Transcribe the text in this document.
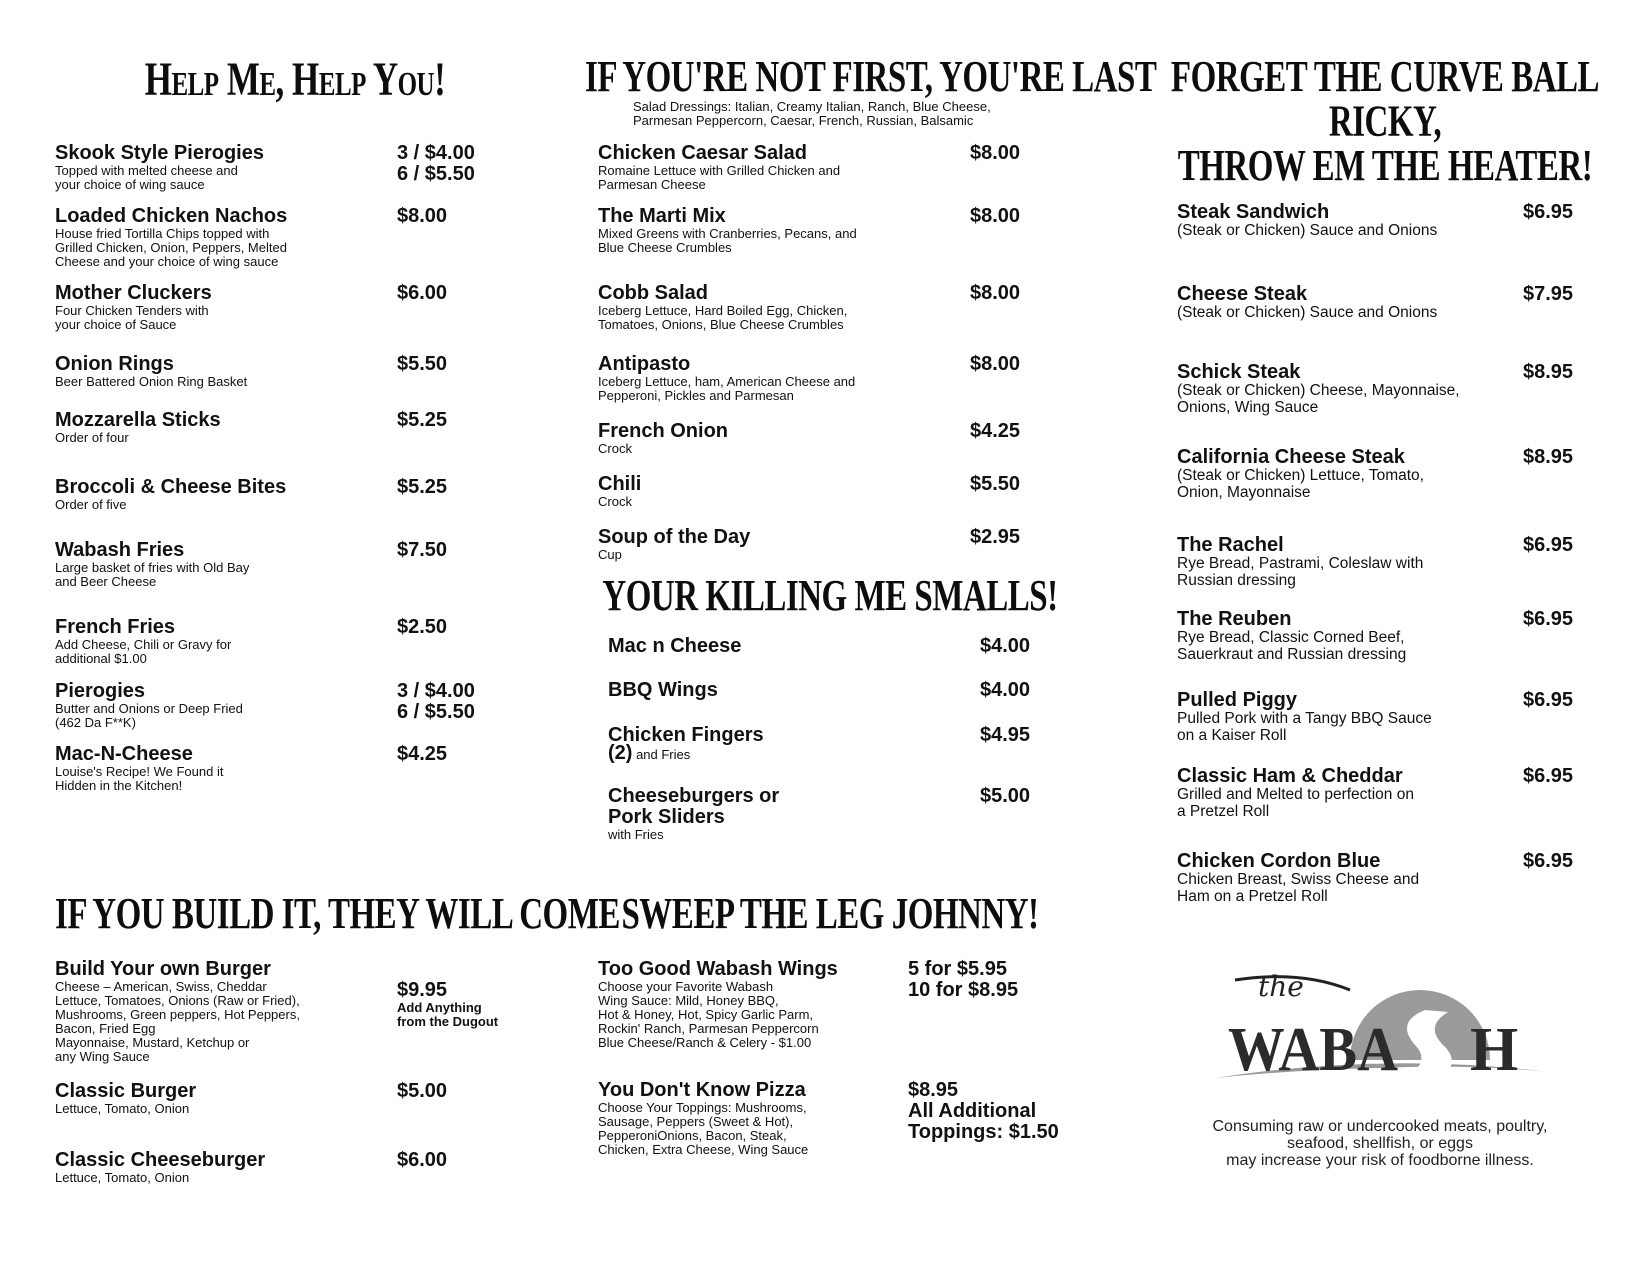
Help Me, Help You!
Skook Style Pierogies
Topped with melted cheese and
your choice of wing sauce
3 / $4.00
6 / $5.50
Loaded Chicken Nachos
House fried Tortilla Chips topped with
Grilled Chicken, Onion, Peppers, Melted
Cheese and your choice of wing sauce
$8.00
Mother Cluckers
Four Chicken Tenders with
your choice of Sauce
$6.00
Onion Rings
Beer Battered Onion Ring Basket
$5.50
Mozzarella Sticks
Order of four
$5.25
Broccoli & Cheese Bites
Order of five
$5.25
Wabash Fries
Large basket of fries with Old Bay
and Beer Cheese
$7.50
French Fries
Add Cheese, Chili or Gravy for
additional $1.00
$2.50
Pierogies
Butter and Onions or Deep Fried
(462 Da F**K)
3 / $4.00
6 / $5.50
Mac-N-Cheese
Louise's Recipe! We Found it
Hidden in the Kitchen!
$4.25
IF YOU BUILD IT, THEY WILL COME
Build Your own Burger
Cheese – American, Swiss, Cheddar
Lettuce, Tomatoes, Onions (Raw or Fried),
Mushrooms, Green peppers, Hot Peppers,
Bacon, Fried Egg
Mayonnaise, Mustard, Ketchup or
any Wing Sauce

$9.95

Add Anything
from the Dugout

Classic Burger
Lettuce, Tomato, Onion
$5.00
Classic Cheeseburger
Lettuce, Tomato, Onion
$6.00
IF YOU'RE NOT FIRST, YOU'RE LAST
Salad Dressings: Italian, Creamy Italian, Ranch, Blue Cheese,
Parmesan Peppercorn, Caesar, French, Russian, Balsamic
Chicken Caesar Salad
Romaine Lettuce with Grilled Chicken and
Parmesan Cheese
$8.00
The Marti Mix
Mixed Greens with Cranberries, Pecans, and
Blue Cheese Crumbles
$8.00
Cobb Salad
Iceberg Lettuce, Hard Boiled Egg, Chicken,
Tomatoes, Onions, Blue Cheese Crumbles
$8.00
Antipasto
Iceberg Lettuce, ham, American Cheese and
Pepperoni, Pickles and Parmesan
$8.00
French Onion
Crock
$4.25
Chili
Crock
$5.50
Soup of the Day
Cup
$2.95
YOUR KILLING ME SMALLS!
Mac n Cheese	$4.00
BBQ Wings	$4.00
Chicken Fingers
(2) and Fries
$4.95
Cheeseburgers or
Pork Sliders
with Fries
$5.00
SWEEP THE LEG JOHNNY!
Too Good Wabash Wings
Choose your Favorite Wabash
Wing Sauce: Mild, Honey BBQ,
Hot & Honey, Hot, Spicy Garlic Parm,
Rockin' Ranch, Parmesan Peppercorn
Blue Cheese/Ranch & Celery - $1.00
5 for $5.95
10 for $8.95
You Don't Know Pizza
Choose Your Toppings: Mushrooms,
Sausage, Peppers (Sweet & Hot),
PepperoniOnions, Bacon, Steak,
Chicken, Extra Cheese, Wing Sauce
$8.95
All Additional
Toppings: $1.50
FORGET THE CURVE BALL RICKY,
THROW EM THE HEATER!
Steak Sandwich
(Steak or Chicken) Sauce and Onions
$6.95
Cheese Steak
(Steak or Chicken) Sauce and Onions
$7.95
Schick Steak
(Steak or Chicken) Cheese, Mayonnaise,
Onions, Wing Sauce
$8.95
California Cheese Steak
(Steak or Chicken) Lettuce, Tomato,
Onion, Mayonnaise
$8.95
The Rachel
Rye Bread, Pastrami, Coleslaw with
Russian dressing
$6.95
The Reuben
Rye Bread, Classic Corned Beef,
Sauerkraut and Russian dressing
$6.95
Pulled Piggy
Pulled Pork with a Tangy BBQ Sauce
on a Kaiser Roll
$6.95
Classic Ham & Cheddar
Grilled and Melted to perfection on
a Pretzel Roll
$6.95
Chicken Cordon Blue
Chicken Breast, Swiss Cheese and
Ham on a Pretzel Roll
$6.95
the
WABA H
Consuming raw or undercooked meats, poultry,
seafood, shellfish, or eggs
may increase your risk of foodborne illness.
